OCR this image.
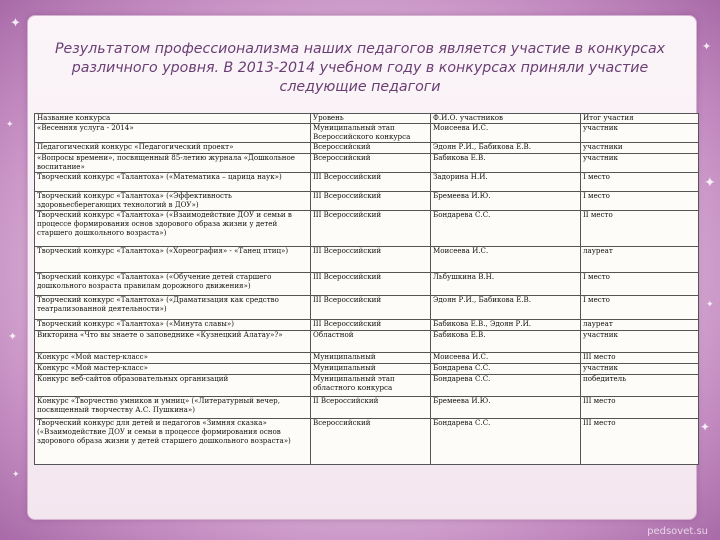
✦
✦
✦
✦
✦
✦
✦
✦
Результатом профессионализма наших педагогов является участие в конкурсах различного уровня. В 2013-2014 учебном году в конкурсах приняли участие следующие педагоги
Название конкурса	Уровень	Ф.И.О. участников	Итог участия
«Весенняя услуга - 2014»	Муниципальный этап Всероссийского конкурса	Моисеева И.С.	участник
Педагогический конкурс «Педагогический проект»	Всероссийский	Эдоян Р.И., Бабикова Е.В.	участники
«Вопросы времени», посвященный 85-летию журнала «Дошкольное воспитание»	Всероссийский	Бабикова Е.В.	участник
Творческий конкурс «Талантоха» («Математика – царица наук»)	III Всероссийский	Задорина Н.И.	I место
Творческий конкурс «Талантоха» («Эффективность здоровьесберегающих технологий в ДОУ»)	III Всероссийский	Бремеева И.Ю.	I место
Творческий конкурс «Талантоха» («Взаимодействие ДОУ и семьи в процессе формирования основ здорового образа жизни у детей старшего дошкольного возраста»)	III Всероссийский	Бондарева С.С.	II место
Творческий конкурс «Талантоха» («Хореография» - «Танец птиц»)	III Всероссийский	Моисеева И.С.	лауреат
Творческий конкурс «Талантоха» («Обучение детей старшего дошкольного возраста правилам дорожного движения»)	III Всероссийский	Льбушкина В.Н.	I место
Творческий конкурс «Талантоха» («Драматизация как средство театрализованной деятельности»)	III Всероссийский	Эдоян Р.И., Бабикова Е.В.	I место
Творческий конкурс «Талантоха» («Минута славы»)	III Всероссийский	Бабикова Е.В., Эдоян Р.И.	лауреат
Викторина «Что вы знаете о заповеднике «Кузнецкий Алатау»?»	Областной	Бабикова Е.В.	участник
Конкурс «Мой мастер-класс»	Муниципальный	Моисеева И.С.	III место
Конкурс «Мой мастер-класс»	Муниципальный	Бондарева С.С.	участник
Конкурс веб-сайтов образовательных организаций	Муниципальный этап областного конкурса	Бондарева С.С.	победитель
Конкурс «Творчество умников и умниц» («Литературный вечер, посвященный творчеству А.С. Пушкина»)	II Всероссийский	Бремеева И.Ю.	III место
Творческий конкурс для детей и педагогов «Зимняя сказка» («Взаимодействие ДОУ и семьи в процессе формирования основ здорового образа жизни у детей старшего дошкольного возраста»)	Всероссийский	Бондарева С.С.	III место
pedsovet.su
